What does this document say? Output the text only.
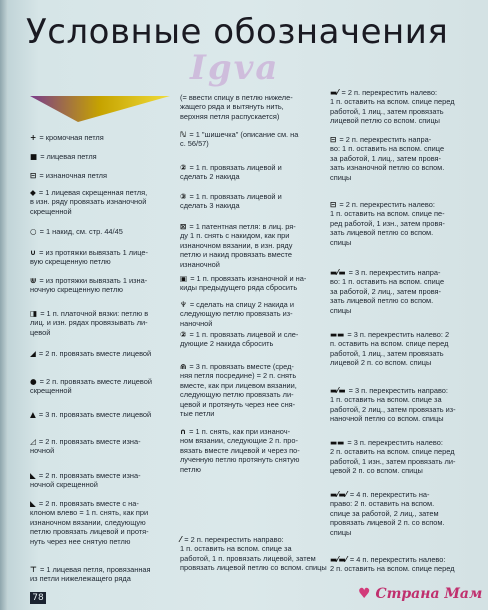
Условные обозначения
Igva
+ = кромочная петля
■ = лицевая петля
⊟ = изнаночная петля
◆ = 1 лицевая скрещенная петля,
в изн. ряду провязать изнаночной
скрещенной
○ = 1 накид, см. стр. 44/45
∪ = из протяжки вывязать 1 лице-
вую скрещенную петлю
⋓ = из протяжки вывязать 1 изна-
ночную скрещенную петлю
◨ = 1 п. платочной вязки: петлю в
лиц. и изн. рядах провязывать ли-
цевой
◢ = 2 п. провязать вместе лицевой
● = 2 п. провязать вместе лицевой
скрещенной
▲ = 3 п. провязать вместе лицевой
◿ = 2 п. провязать вместе изна-
ночной
◣ = 2 п. провязать вместе изна-
ночной скрещенной
◣ = 2 п. провязать вместе с на-
клоном влево = 1 п. снять, как при
изнаночном вязании, следующую
петлю провязать лицевой и протя-
нуть через нее снятую петлю
⊤ = 1 лицевая петля, провязанная
из петли нижележащего ряда
(= ввести спицу в петлю нижеле-
жащего ряда и вытянуть нить,
верхняя петля распускается)
ℕ = 1 "шишечка" (описание см. на
с. 56/57)
② = 1 п. провязать лицевой и
сделать 2 накида
③ = 1 п. провязать лицевой и
сделать 3 накида
⊠ = 1 патентная петля: в лиц. ря-
ду 1 п. снять с накидом, как при
изнаночном вязании, в изн. ряду
петлю и накид провязать вместе
изнаночной
▣ = 1 п. провязать изнаночной и на-
киды предыдущего ряда сбросить
♆ = сделать на спицу 2 накида и
следующую петлю провязать из-
наночной
② = 1 п. провязать лицевой и сле-
дующие 2 накида сбросить
⋒ = 3 п. провязать вместе (сред-
няя петля посредине) = 2 п. снять
вместе, как при лицевом вязании,
следующую петлю провязать ли-
цевой и протянуть через нее сня-
тые петли
∩ = 1 п. снять, как при изнаноч-
ном вязании, следующие 2 п. про-
вязать вместе лицевой и через по-
лученную петлю протянуть снятую
петлю
⁄ = 2 п. перекрестить направо:
1 п. оставить на вспом. спице за
работой, 1 п. провязать лицевой, затем
провязать лицевой петлю со вспом. спицы
▬⁄ = 2 п. перекрестить налево:
1 п. оставить на вспом. спице перед
работой, 1 лиц., затем провязать
лицевой петлю со вспом. спицы
⊟ = 2 п. перекрестить напра-
во: 1 п. оставить на вспом. спице
за работой, 1 лиц., затем провя-
зать изнаночной петлю со вспом.
спицы
⊟ = 2 п. перекрестить налево:
1 п. оставить на вспом. спице пе-
ред работой, 1 изн., затем провя-
зать лицевой петлю со вспом.
спицы
▬⁄▬ = 3 п. перекрестить напра-
во: 1 п. оставить на вспом. спице
за работой, 2 лиц., затем провя-
зать лицевой петлю со вспом.
спицы
▬▬ = 3 п. перекрестить налево: 2
п. оставить на вспом. спице перед
работой, 1 лиц., затем провязать
лицевой 2 п. со вспом. спицы
▬⁄▬ = 3 п. перекрестить направо:
1 п. оставить на вспом. спице за
работой, 2 лиц., затем провязать из-
наночной петлю со вспом. спицы
▬▬ = 3 п. перекрестить налево:
2 п. оставить на вспом. спице перед
работой, 1 изн., затем провязать ли-
цевой 2 п. со вспом. спицы
▬⁄▬⁄ = 4 п. перекрестить на-
право: 2 п. оставить на вспом.
спице за работой, 2 лиц., затем
провязать лицевой 2 п. со вспом.
спицы
▬⁄▬⁄ = 4 п. перекрестить налево:
2 п. оставить на вспом. спице перед
78	♥ Страна Мам
